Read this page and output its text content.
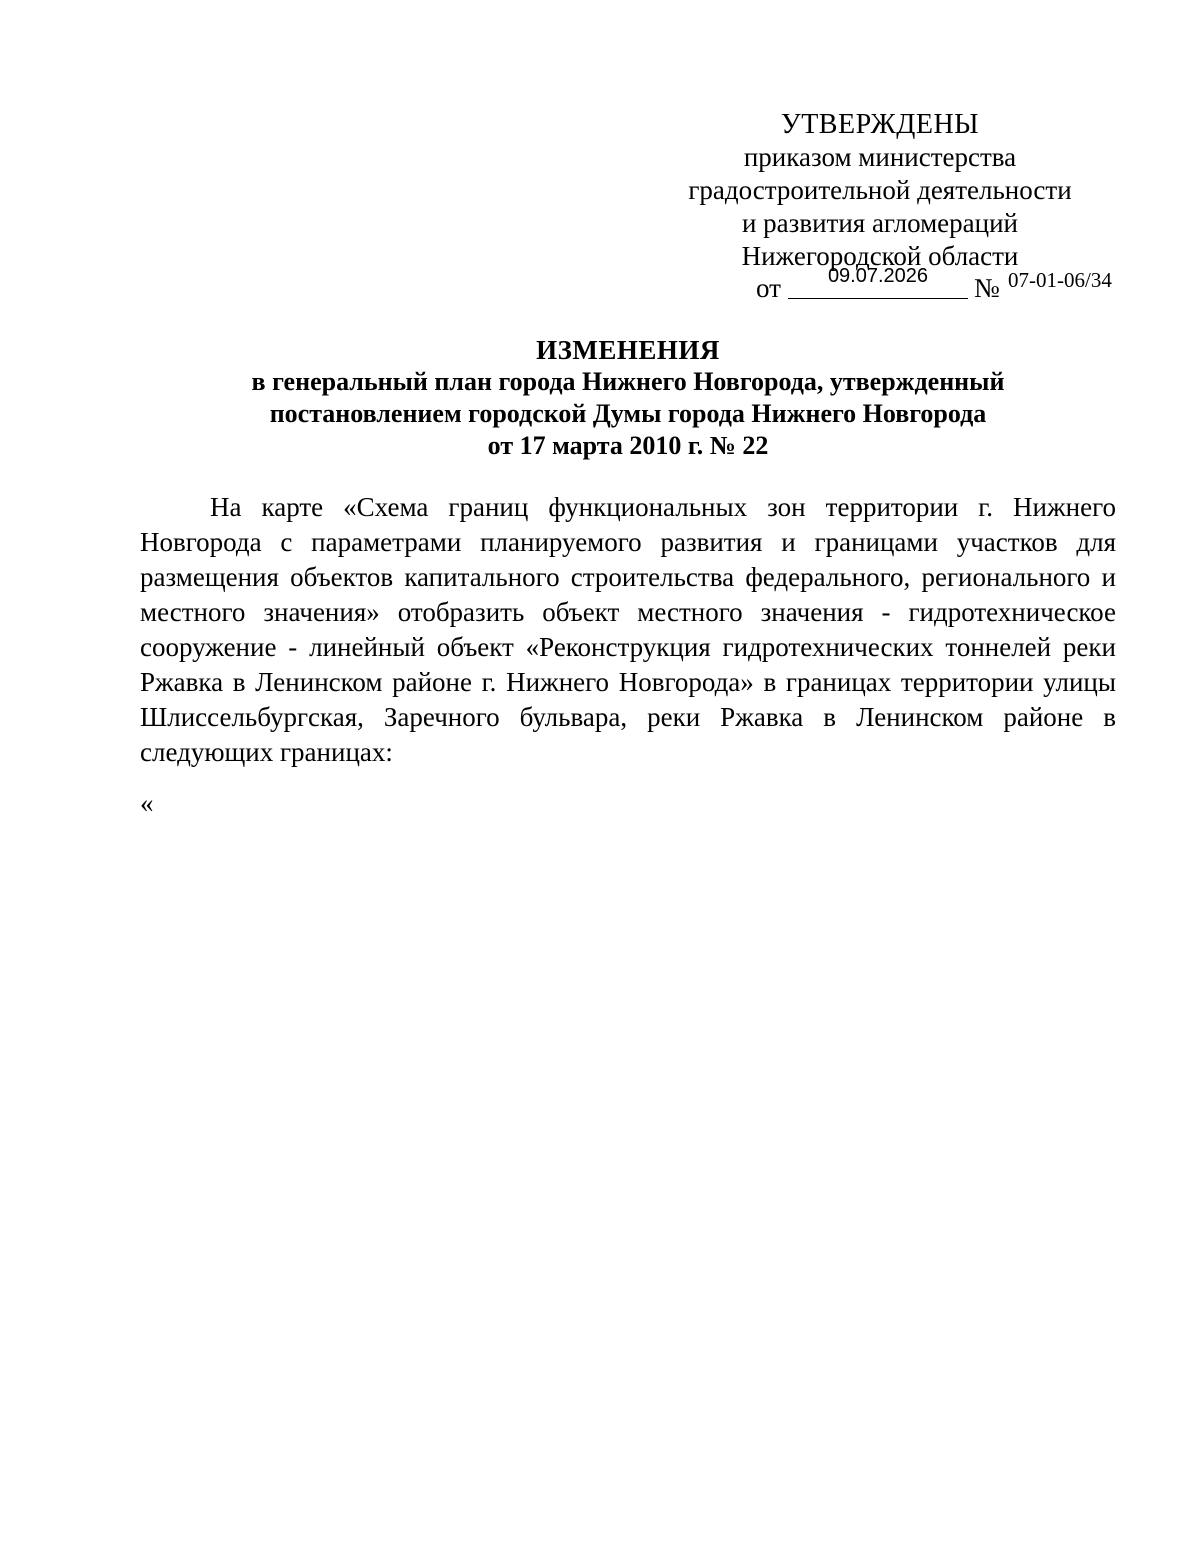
УТВЕРЖДЕНЫ
приказом министерства
градостроительной деятельности
и развития агломераций
Нижегородской области
от	09.07.2026	№ 07-01-06/34
ИЗМЕНЕНИЯ
в генеральный план города Нижнего Новгорода, утвержденный
постановлением городской Думы города Нижнего Новгорода
от 17 марта 2010 г. № 22

На карте «Схема границ функциональных зон территории г. Нижнего Новгорода с параметрами планируемого развития и границами участков для размещения объектов капитального строительства федерального, регионального и местного значения» отобразить объект местного значения - гидротехническое сооружение - линейный объект «Реконструкция гидротехнических тоннелей реки Ржавка в Ленинском районе г. Нижнего Новгорода» в границах территории улицы Шлиссельбургская, Заречного бульвара, реки Ржавка в Ленинском районе в следующих границах:

«
